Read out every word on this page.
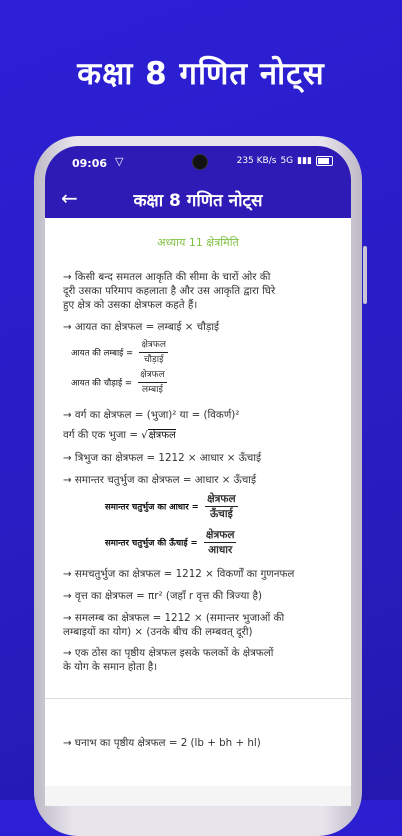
कक्षा 8 गणित नोट्स
09:06 ▽	235 KB/s 5G ▮▮▮
←	कक्षा 8 गणित नोट्स
अध्याय 11 क्षेत्रमिति
→ किसी बन्द समतल आकृति की सीमा के चारों ओर की
दूरी उसका परिमाप कहलाता है और उस आकृति द्वारा घिरे
हुए क्षेत्र को उसका क्षेत्रफल कहते हैं।
→ आयत का क्षेत्रफल = लम्बाई × चौड़ाई
आयत की लम्बाई = $\frac{\text{क्षेत्रफल}}{\text{चौड़ाई}}$
आयत की चौड़ाई = $\frac{\text{क्षेत्रफल}}{\text{लम्बाई}}$
→ वर्ग का क्षेत्रफल = (भुजा)² या = (विकर्ण)²
वर्ग की एक भुजा = √क्षेत्रफल
→ त्रिभुज का क्षेत्रफल = 1212 × आधार × ऊँचाई
→ समान्तर चतुर्भुज का क्षेत्रफल = आधार × ऊँचाई
समान्तर चतुर्भुज का आधार = $\frac{\text{क्षेत्रफल}}{\text{ऊँचाई}}$
समान्तर चतुर्भुज की ऊँचाई = $\frac{\text{क्षेत्रफल}}{\text{आधार}}$
→ समचतुर्भुज का क्षेत्रफल = 1212 × विकर्णों का गुणनफल
→ वृत्त का क्षेत्रफल = πr² (जहाँ r वृत्त की त्रिज्या है)
→ समलम्ब का क्षेत्रफल = 1212 × (समान्तर भुजाओं की
लम्बाइयों का योग) × (उनके बीच की लम्बवत् दूरी)
→ एक ठोस का पृष्ठीय क्षेत्रफल इसके फलकों के क्षेत्रफलों
के योग के समान होता है।
→ घनाभ का पृष्ठीय क्षेत्रफल = 2 (lb + bh + hl)
